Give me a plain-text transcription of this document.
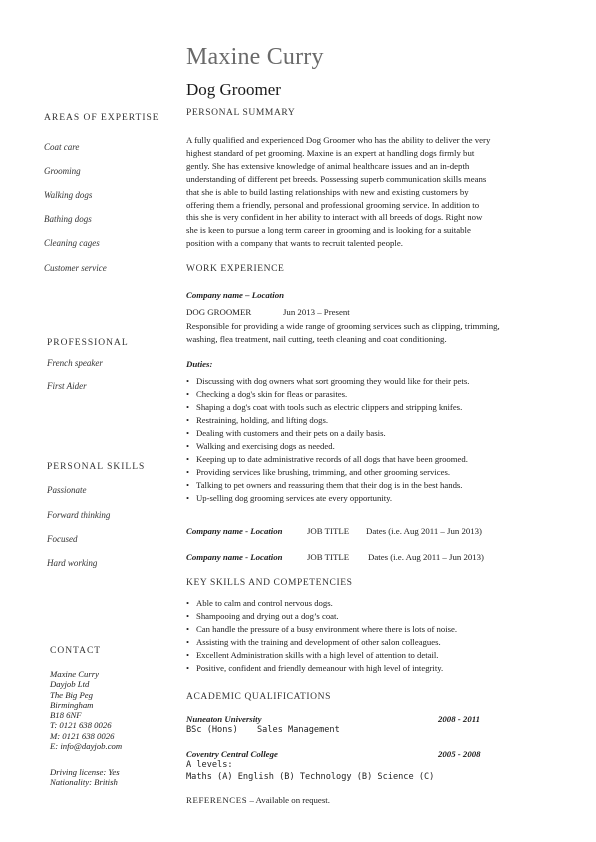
Maxine Curry
Dog Groomer
AREAS OF EXPERTISE
Coat care
Grooming
Walking dogs
Bathing dogs
Cleaning cages
Customer service
PROFESSIONAL
French speaker
First Aider
PERSONAL SKILLS
Passionate
Forward thinking
Focused
Hard working
CONTACT
Maxine Curry
Dayjob Ltd
The Big Peg
Birmingham
B18 6NF
T: 0121 638 0026
M: 0121 638 0026
E: info@dayjob.com
Driving license: Yes
Nationality: British
PERSONAL SUMMARY
A fully qualified and experienced Dog Groomer who has the ability to deliver the very
highest standard of pet grooming. Maxine is an expert at handling dogs firmly but
gently. She has extensive knowledge of animal healthcare issues and an in-depth
understanding of different pet breeds. Possessing superb communication skills means
that she is able to build lasting relationships with new and existing customers by
offering them a friendly, personal and professional grooming service. In addition to
this she is very confident in her ability to interact with all breeds of dogs. Right now
she is keen to pursue a long term career in grooming and is looking for a suitable
position with a company that wants to recruit talented people.
WORK EXPERIENCE
Company name – Location
DOG GROOMER	Jun 2013 – Present
Responsible for providing a wide range of grooming services such as clipping, trimming,
washing, flea treatment, nail cutting, teeth cleaning and coat conditioning.
Duties:
• Discussing with dog owners what sort grooming they would like for their pets.
• Checking a dog's skin for fleas or parasites.
• Shaping a dog's coat with tools such as electric clippers and stripping knifes.
• Restraining, holding, and lifting dogs.
• Dealing with customers and their pets on a daily basis.
• Walking and exercising dogs as needed.
• Keeping up to date administrative records of all dogs that have been groomed.
• Providing services like brushing, trimming, and other grooming services.
• Talking to pet owners and reassuring them that their dog is in the best hands.
• Up-selling dog grooming services ate every opportunity.
Company name - Location	JOB TITLE Dates (i.e. Aug 2011 – Jun 2013)
Company name - Location	JOB TITLE Dates (i.e. Aug 2011 – Jun 2013)
KEY SKILLS AND COMPETENCIES
• Able to calm and control nervous dogs.
• Shampooing and drying out a dog’s coat.
• Can handle the pressure of a busy environment where there is lots of noise.
• Assisting with the training and development of other salon colleagues.
• Excellent Administration skills with a high level of attention to detail.
• Positive, confident and friendly demeanour with high level of integrity.
ACADEMIC QUALIFICATIONS
Nuneaton University	2008 - 2011
BSc (Hons) Sales Management
Coventry Central College	2005 - 2008
A levels:
Maths (A) English (B) Technology (B) Science (C)
REFERENCES – Available on request.
